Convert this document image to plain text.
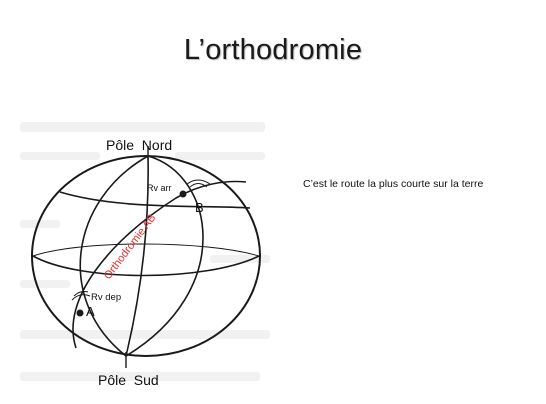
L’orthodromie
Pôle  Nord
Pôle  Sud
A
B
Rv dep
Rv arr
Orthodromie AB
C’est le route la plus courte sur la terre
